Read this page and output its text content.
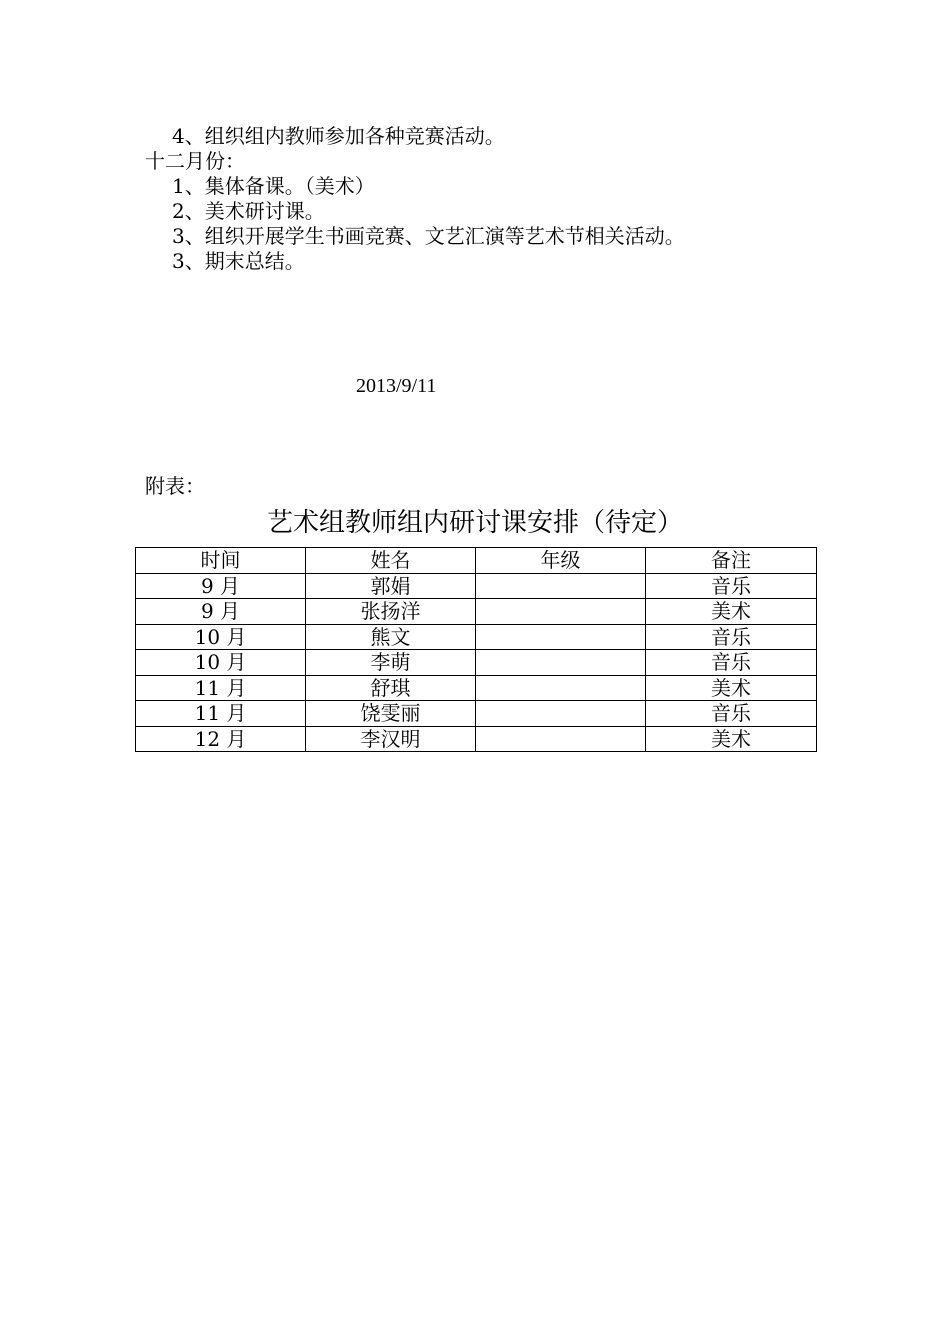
4、组织组内教师参加各种竞赛活动。
十二月份：
1、集体备课。（美术）
2、美术研讨课。
3、组织开展学生书画竞赛、文艺汇演等艺术节相关活动。
3、期末总结。
2013/9/11
附表：
艺术组教师组内研讨课安排（待定）
时间	姓名	年级	备注
9 月	郭娟		音乐
9 月	张扬洋		美术
10 月	熊文		音乐
10 月	李萌		音乐
11 月	舒琪		美术
11 月	饶雯丽		音乐
12 月	李汉明		美术
